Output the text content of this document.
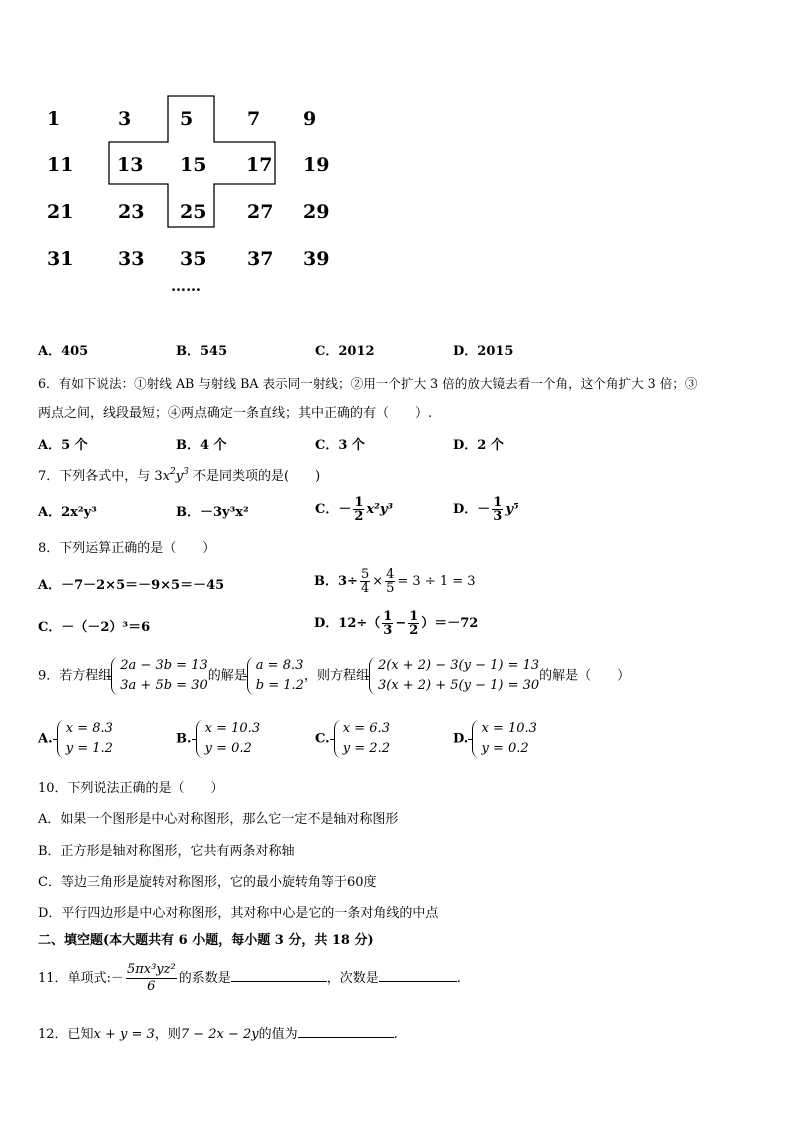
1	3	5	7 9
11 13 15 17 19
21 23 25 27 29
31 33 35 37 39
……
A．405	B．545	C．2012	D．2015
6．有如下说法：①射线 AB 与射线 BA 表示同一射线；②用一个扩大 3 倍的放大镜去看一个角，这个角扩大 3 倍；③
两点之间，线段最短；④两点确定一条直线；其中正确的有（　　）.
A．5 个	B．4 个	C．3 个	D．2 个
7．下列各式中，与 $3x^2y^3$ 不是同类项的是(　　)
A．2x²y³	B．－3y³x²	C．－ $\frac{1}{2} x^2y^3$	D．－ $\frac{1}{3} y^5$
8．下列运算正确的是（　　）
A．－7－2×5＝－9×5＝－45	B．$3\div \frac{5}{4} \times \frac{4}{5} = 3 \div 1 = 3$
C．－（－2）³＝6	D．$12\div( \frac{1}{3} - \frac{1}{2} )=-72$
9．若方程组
2a − 3b = 13
3a + 5b = 30
的解是
a = 8.3
b = 1.2
，则方程组
2(x + 2) − 3(y − 1) = 13
3(x + 2) + 5(y − 1) = 30
的解是（　　）
A.
x = 8.3
y = 1.2
B.
x = 10.3
y = 0.2
C.
x = 6.3
y = 2.2
D.
x = 10.3
y = 0.2
10．下列说法正确的是（　　）
A．如果一个图形是中心对称图形，那么它一定不是轴对称图形
B．正方形是轴对称图形，它共有两条对称轴
C．等边三角形是旋转对称图形，它的最小旋转角等于60度
D．平行四边形是中心对称图形，其对称中心是它的一条对角线的中点
二、填空题(本大题共有 6 小题，每小题 3 分，共 18 分)
11．单项式:－ $\frac{\text{5πx³yz²}}{6}$ 的系数是	，次数是	.
12．已知x + y = 3，则7 − 2x − 2y的值为	.
